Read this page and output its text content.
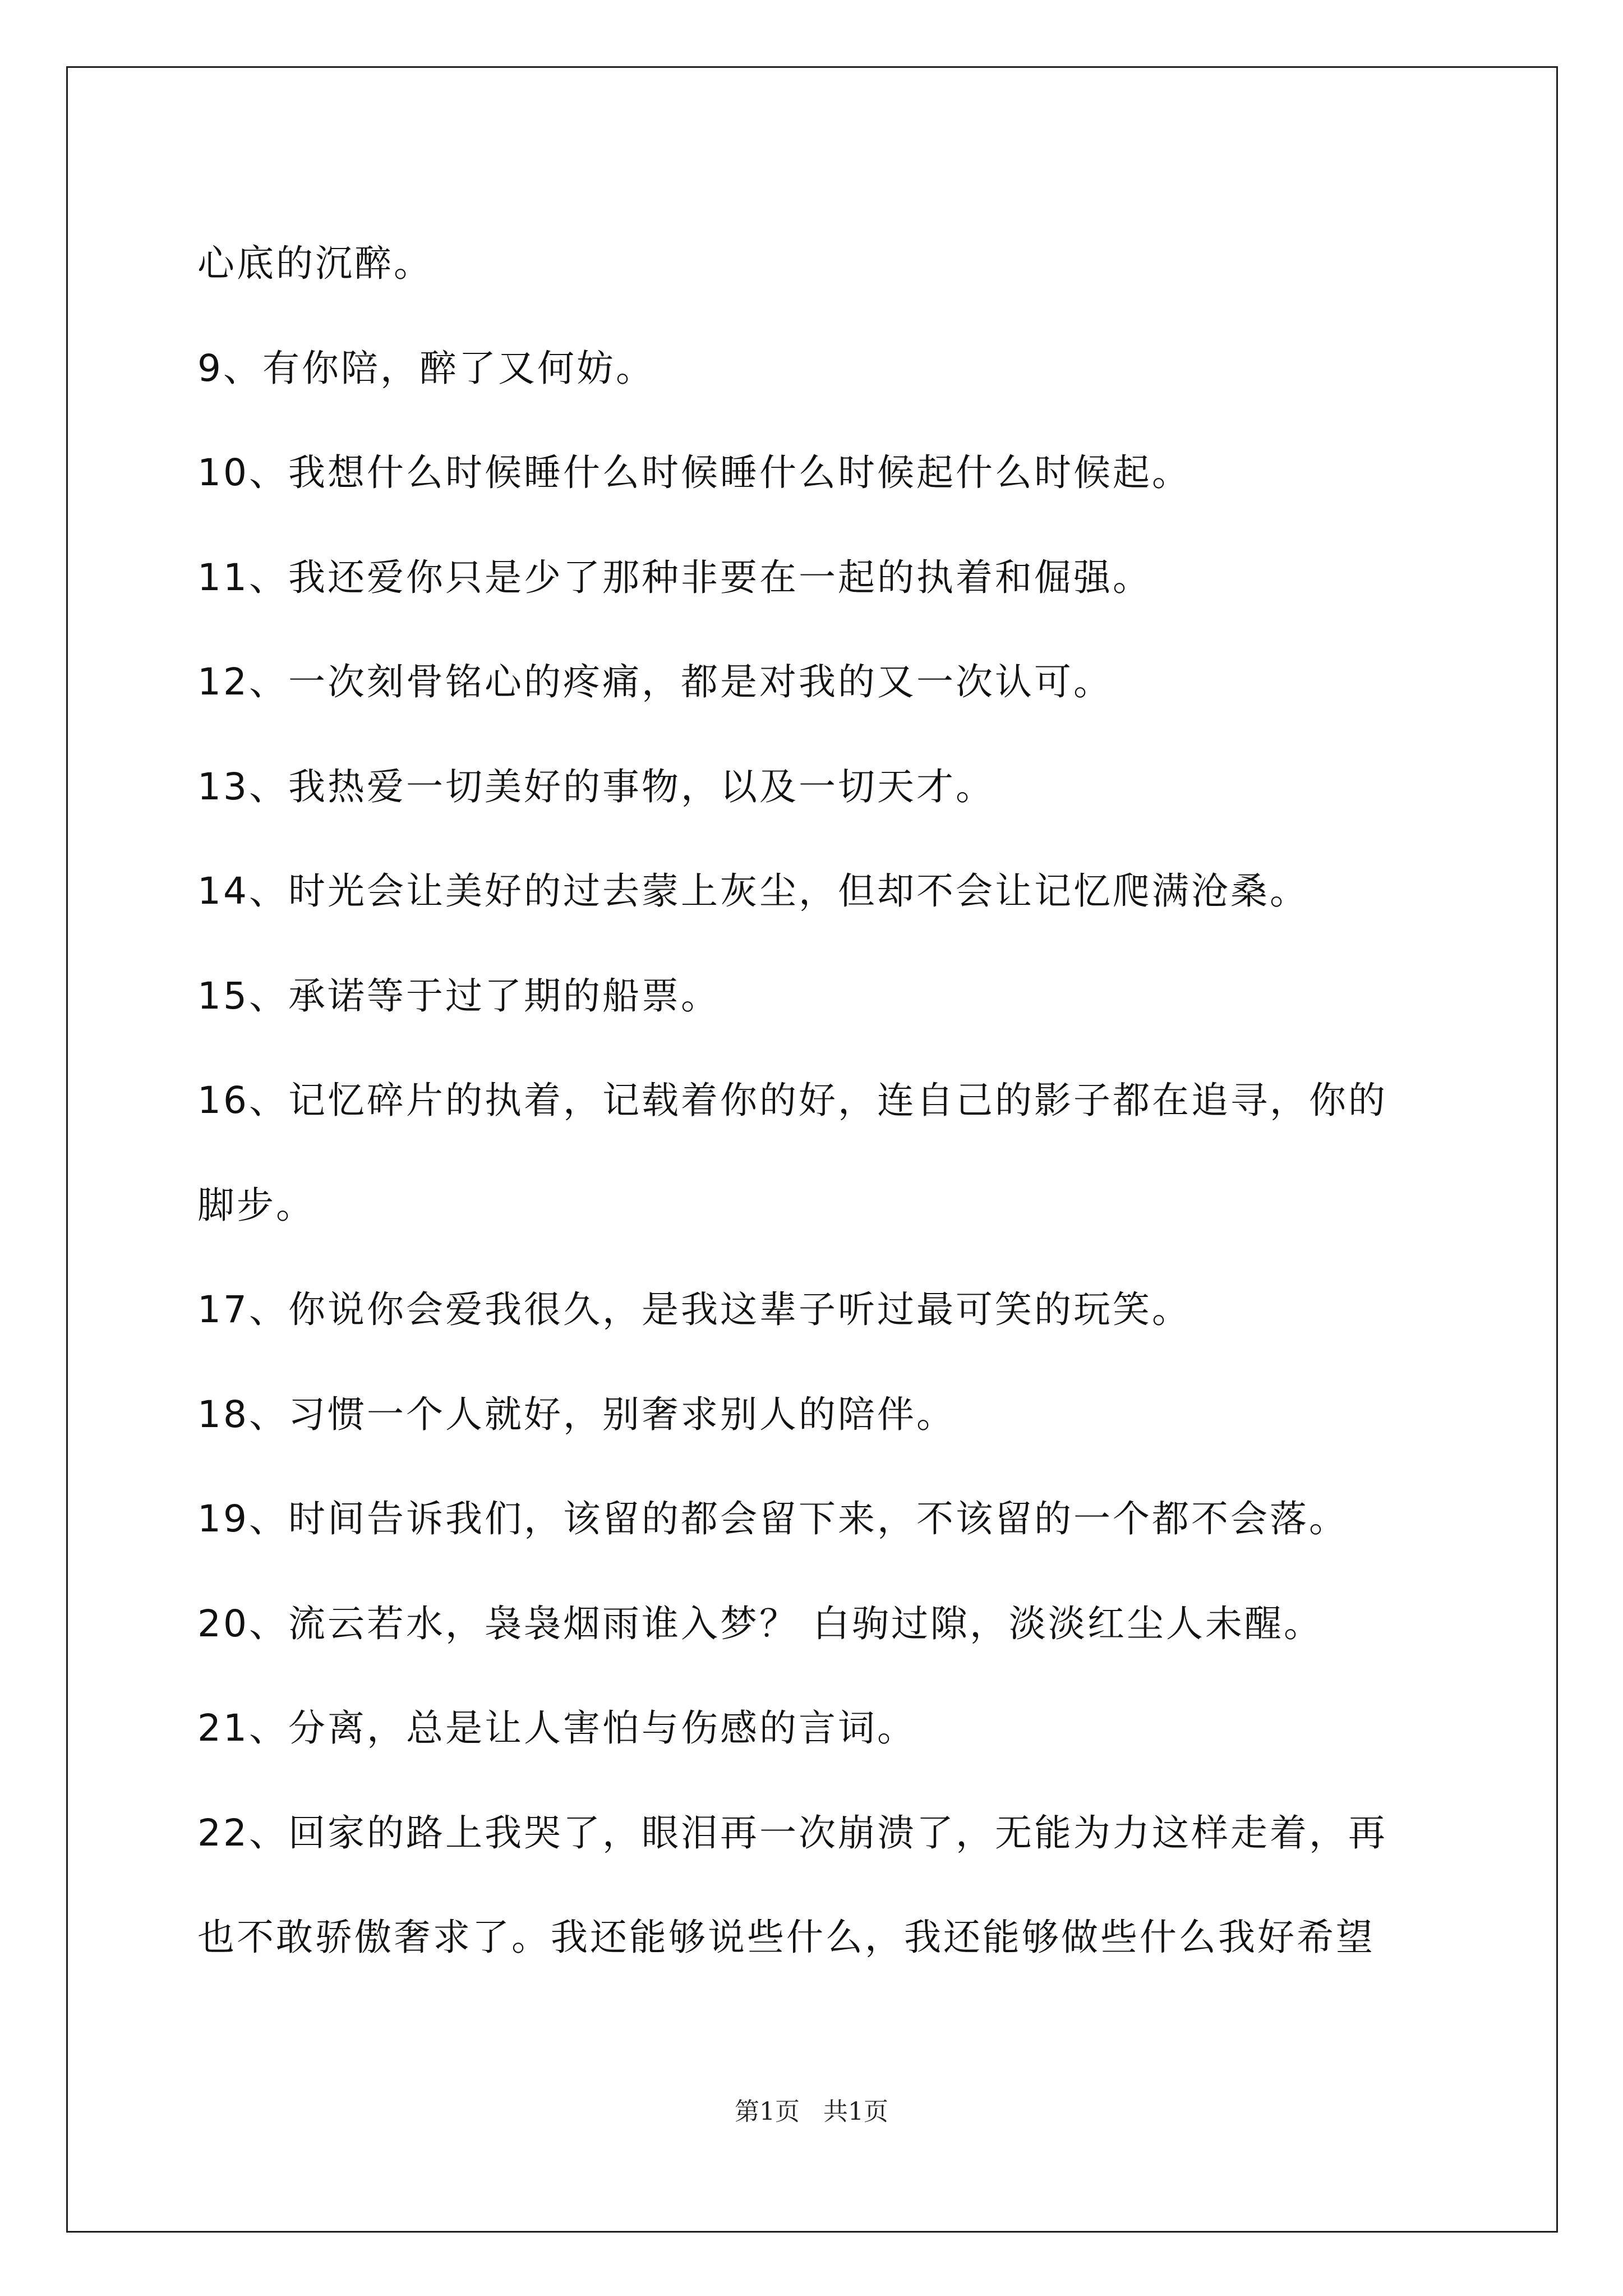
心底的沉醉。
9、有你陪，醉了又何妨。
10、我想什么时候睡什么时候睡什么时候起什么时候起。
11、我还爱你只是少了那种非要在一起的执着和倔强。
12、一次刻骨铭心的疼痛，都是对我的又一次认可。
13、我热爱一切美好的事物，以及一切天才。
14、时光会让美好的过去蒙上灰尘，但却不会让记忆爬满沧桑。
15、承诺等于过了期的船票。
16、记忆碎片的执着，记载着你的好，连自己的影子都在追寻，你的
脚步。
17、你说你会爱我很久，是我这辈子听过最可笑的玩笑。
18、习惯一个人就好，别奢求别人的陪伴。
19、时间告诉我们，该留的都会留下来，不该留的一个都不会落。
20、流云若水，袅袅烟雨谁入梦？ 白驹过隙，淡淡红尘人未醒。
21、分离，总是让人害怕与伤感的言词。
22、回家的路上我哭了，眼泪再一次崩溃了，无能为力这样走着，再
也不敢骄傲奢求了。我还能够说些什么，我还能够做些什么我好希望
第1页   共1页
